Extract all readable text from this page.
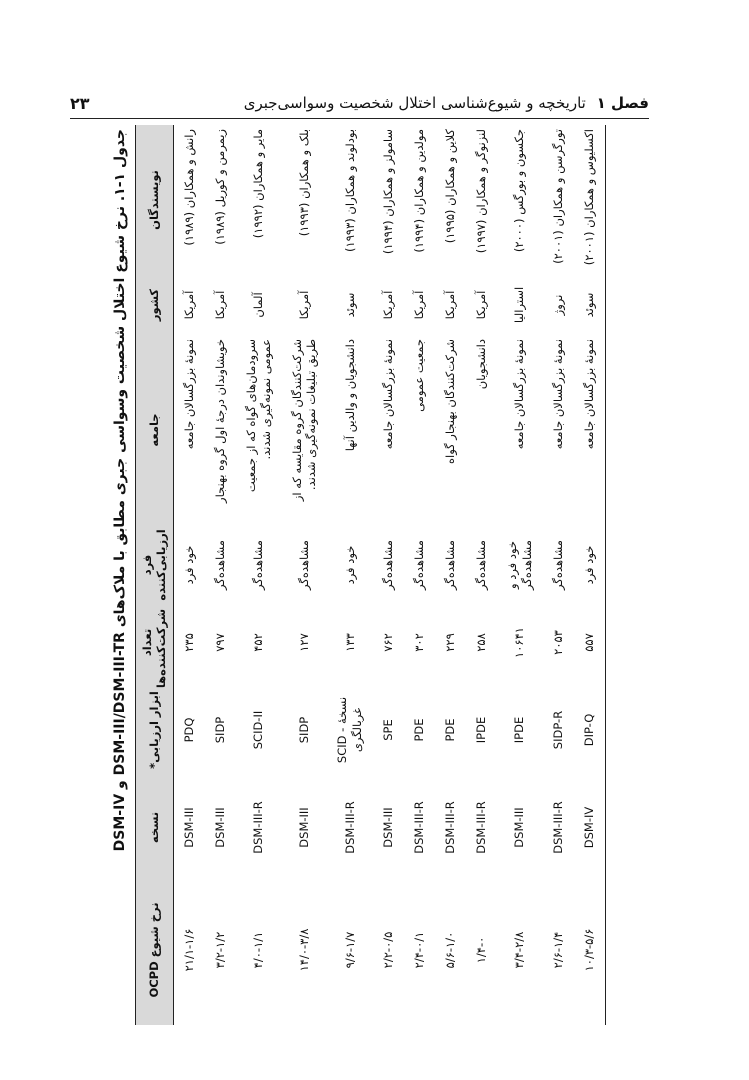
۲۳	فصل ۱ تاریخچه و شیوع‌شناسی اختلال شخصیت وسواسی‌جبری
جدول ۱-۱. نرخ شیوع اختلال شخصیت وسواسی جبری مطابق با ملاک‌های DSM-III/DSM-III-TR و DSM-IV
نویسندگان	کشور	جامعه	فرد ارزیابی‌کننده	تعداد شرکت‌کننده‌ها	ابزار ارزیابی*	نسخه	نرخ شیوع OCPD
رانش و همکاران (۱۹۸۹)	آمریکا	نمونهٔ بزرگسالان جامعه	خود فرد	۲۳۵	PDQ	DSM-III	۲۱/۱-۱/۶
زیمرمن و کوریل (۱۹۸۹)	آمریکا	خویشاوندان درجهٔ اول گروه بهنجار	مشاهده‌گر	۷۹۷	SIDP	DSM-III	۳/۲-۱/۲
مایر و همکاران (۱۹۹۲)	آلمان	سرودمان‌های گواه که از جمعیت عمومی نمونه‌گیری شدند.	مشاهده‌گر	۴۵۲	SCID-II	DSM-III-R	۴/۰-۱/۱
بلک و همکاران (۱۹۹۳)	آمریکا	شرکت‌کنندگان گروه مقایسه که از طریق تبلیغات نمونه‌گیری شدند.	مشاهده‌گر	۱۲۷	SIDP	DSM-III	۱۴/۰-۳/۸
بودلوند و همکاران (۱۹۹۳)	سوئد	دانشجویان و والدین آنها	خود فرد	۱۳۳	SCID - نسخهٔ غربالگری	DSM-III-R	۹/۶-۱/۷
سامولز و همکاران (۱۹۹۴)	آمریکا	نمونهٔ بزرگسالان جامعه	مشاهده‌گر	۷۶۲	SPE	DSM-III	۲/۲-۰/۵
مولدین و همکاران (۱۹۹۴)	آمریکا	جمعیت عمومی	مشاهده‌گر	۳۰۲	PDE	DSM-III-R	۲/۴-۰/۱
کلاین و همکاران (۱۹۹۵)	آمریکا	شرکت‌کنندگان بهنجار گواه	مشاهده‌گر	۲۲۹	PDE	DSM-III-R	۵/۶-۱/۰
لنزنوگر و همکاران (۱۹۹۷)	آمریکا	دانشجویان	مشاهده‌گر	۲۵۸	IPDE	DSM-III-R	۱/۴-۰
جکسون و بورگس (۲۰۰۰)	استرالیا	نمونهٔ بزرگسالان جامعه	خود فرد و مشاهده‌گر	۱۰۶۴۱	IPDE	DSM-III	۳/۴-۲/۸
تورگرسن و همکاران (۲۰۰۱)	نروژ	نمونهٔ بزرگسالان جامعه	مشاهده‌گر	۲۰۵۳	SIDP-R	DSM-III-R	۲/۶-۱/۴
اکسلیوس و همکاران (۲۰۰۱)	سوئد	نمونهٔ بزرگسالان جامعه	خود فرد	۵۵۷	DIP-Q	DSM-IV	۱۰/۳-۵/۶
